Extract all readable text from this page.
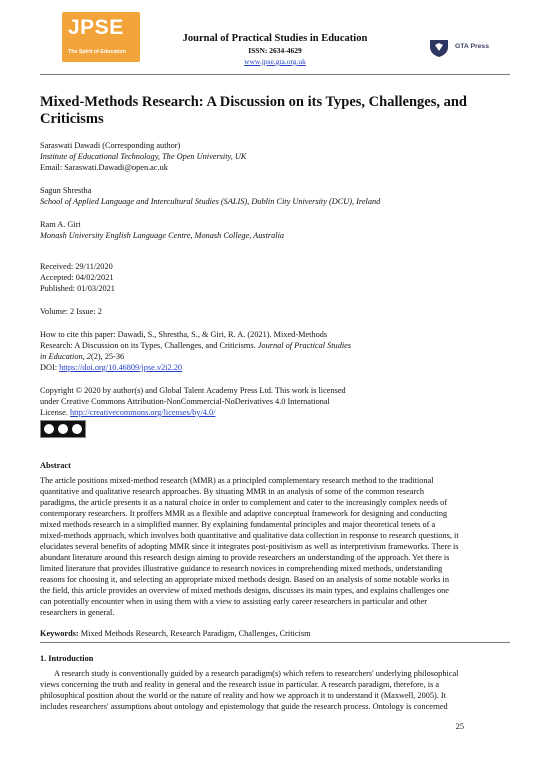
JPSE
The Spirit of Education
Journal of Practical Studies in Education
ISSN: 2634-4629
www.jpse.gta.org.uk
GTA Press
Mixed-Methods Research: A Discussion on its Types, Challenges, and Criticisms
Saraswati Dawadi (Corresponding author)
Institute of Educational Technology, The Open University, UK
Email: Saraswati.Dawadi@open.ac.uk
Sagun Shrestha
School of Applied Language and Intercultural Studies (SALIS), Dublin City University (DCU), Ireland
Ram A. Giri
Monash University English Language Centre, Monash College, Australia
Received: 29/11/2020
Accepted: 04/02/2021
Published: 01/03/2021
Volume: 2 Issue: 2
How to cite this paper: Dawadi, S., Shrestha, S., & Giri, R. A. (2021). Mixed-Methods
Research: A Discussion on its Types, Challenges, and Criticisms. Journal of Practical Studies
in Education, 2(2), 25-36
DOI: https://doi.org/10.46809/jpse.v2i2.20
Copyright © 2020 by author(s) and Global Talent Academy Press Ltd. This work is licensed
under Creative Commons Attribution-NonCommercial-NoDerivatives 4.0 International
License. http://creativecommons.org/licenses/by/4.0/
Abstract
The article positions mixed-method research (MMR) as a principled complementary research method to the traditional
quantitative and qualitative research approaches. By situating MMR in an analysis of some of the common research
paradigms, the article presents it as a natural choice in order to complement and cater to the increasingly complex needs of
contemporary researchers. It proffers MMR as a flexible and adaptive conceptual framework for designing and conducting
mixed methods research in a simplified manner. By explaining fundamental principles and major theoretical tenets of a
mixed-methods approach, which involves both quantitative and qualitative data collection in response to research questions, it
elucidates several benefits of adopting MMR since it integrates post-positivism as well as interpretivism frameworks. There is
abundant literature around this research design aiming to provide researchers an understanding of the approach. Yet there is
limited literature that provides illustrative guidance to research novices in comprehending mixed methods, understanding
reasons for choosing it, and selecting an appropriate mixed methods design. Based on an analysis of some notable works in
the field, this article provides an overview of mixed methods designs, discusses its main types, and explains challenges one
can potentially encounter when in using them with a view to assisting early career researchers in particular and other
researchers in general.
Keywords: Mixed Methods Research, Research Paradigm, Challenges, Criticism
1. Introduction
A research study is conventionally guided by a research paradigm(s) which refers to researchers' underlying philosophical
views concerning the truth and reality in general and the research issue in particular. A research paradigm, therefore, is a
philosophical position about the world or the nature of reality and how we approach it to understand it (Maxwell, 2005). It
includes researchers' assumptions about ontology and epistemology that guide the research process. Ontology is concerned
25
